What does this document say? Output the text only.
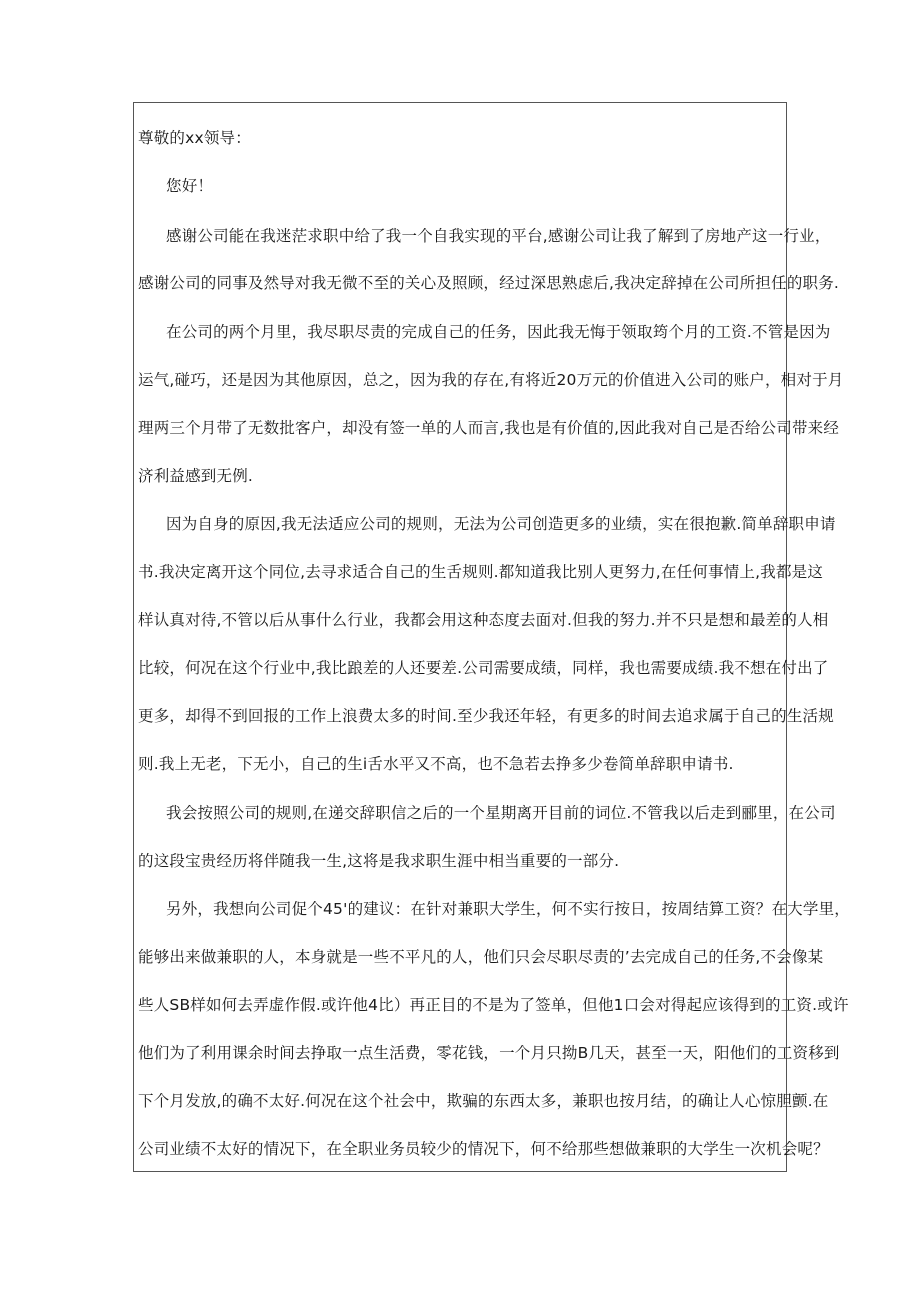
尊敬的xx领导：
您好！
感谢公司能在我迷茫求职中给了我一个自我实现的平台,感谢公司让我了解到了房地产这一行业，
感谢公司的同事及然导对我无微不至的关心及照顾，经过深思熟虑后,我决定辞掉在公司所担任的职务.
在公司的两个月里，我尽职尽责的完成自己的任务，因此我无悔于领取筠个月的工资.不管是因为
运气,碰巧，还是因为其他原因，总之，因为我的存在,有将近20万元的价值进入公司的账户，相对于月
理两三个月带了无数批客户，却没有签一单的人而言,我也是有价值的,因此我对自己是否给公司带来经
济利益感到无例.
因为自身的原因,我无法适应公司的规则，无法为公司创造更多的业绩，实在很抱歉.简单辞职申请
书.我决定离开这个同位,去寻求适合自己的生舌规则.都知道我比别人更努力,在任何事情上,我都是这
样认真对待,不管以后从事什么行业，我都会用这种态度去面对.但我的努力.并不只是想和最差的人相
比较，何况在这个行业中,我比踉差的人还要差.公司需要成绩，同样，我也需要成绩.我不想在付出了
更多，却得不到回报的工作上浪费太多的时间.至少我还年轻，有更多的时间去追求属于自己的生活规
则.我上无老，下无小，自己的生i舌水平又不高，也不急若去挣多少卷简单辞职申请书.
我会按照公司的规则,在递交辞职信之后的一个星期离开目前的词位.不管我以后走到郦里，在公司
的这段宝贵经历将伴随我一生,这将是我求职生涯中相当重要的一部分.
另外，我想向公司促个45'的建议：在针对兼职大学生，何不实行按日，按周结算工资？在大学里，
能够出来做兼职的人，本身就是一些不平凡的人，他们只会尽职尽责的’去完成自己的任务,不会像某
些人SB样如何去弄虚作假.或许他4比）再正目的不是为了签单，但他1口会对得起应该得到的工资.或许
他们为了利用课余时间去挣取一点生活费，零花钱，一个月只拗B几天，甚至一天，阳他们的工资移到
下个月发放,的确不太好.何况在这个社会中，欺骗的东西太多，兼职也按月结，的确让人心惊胆颤.在
公司业绩不太好的情况下，在全职业务员较少的情况下，何不给那些想做兼职的大学生一次机会呢？
